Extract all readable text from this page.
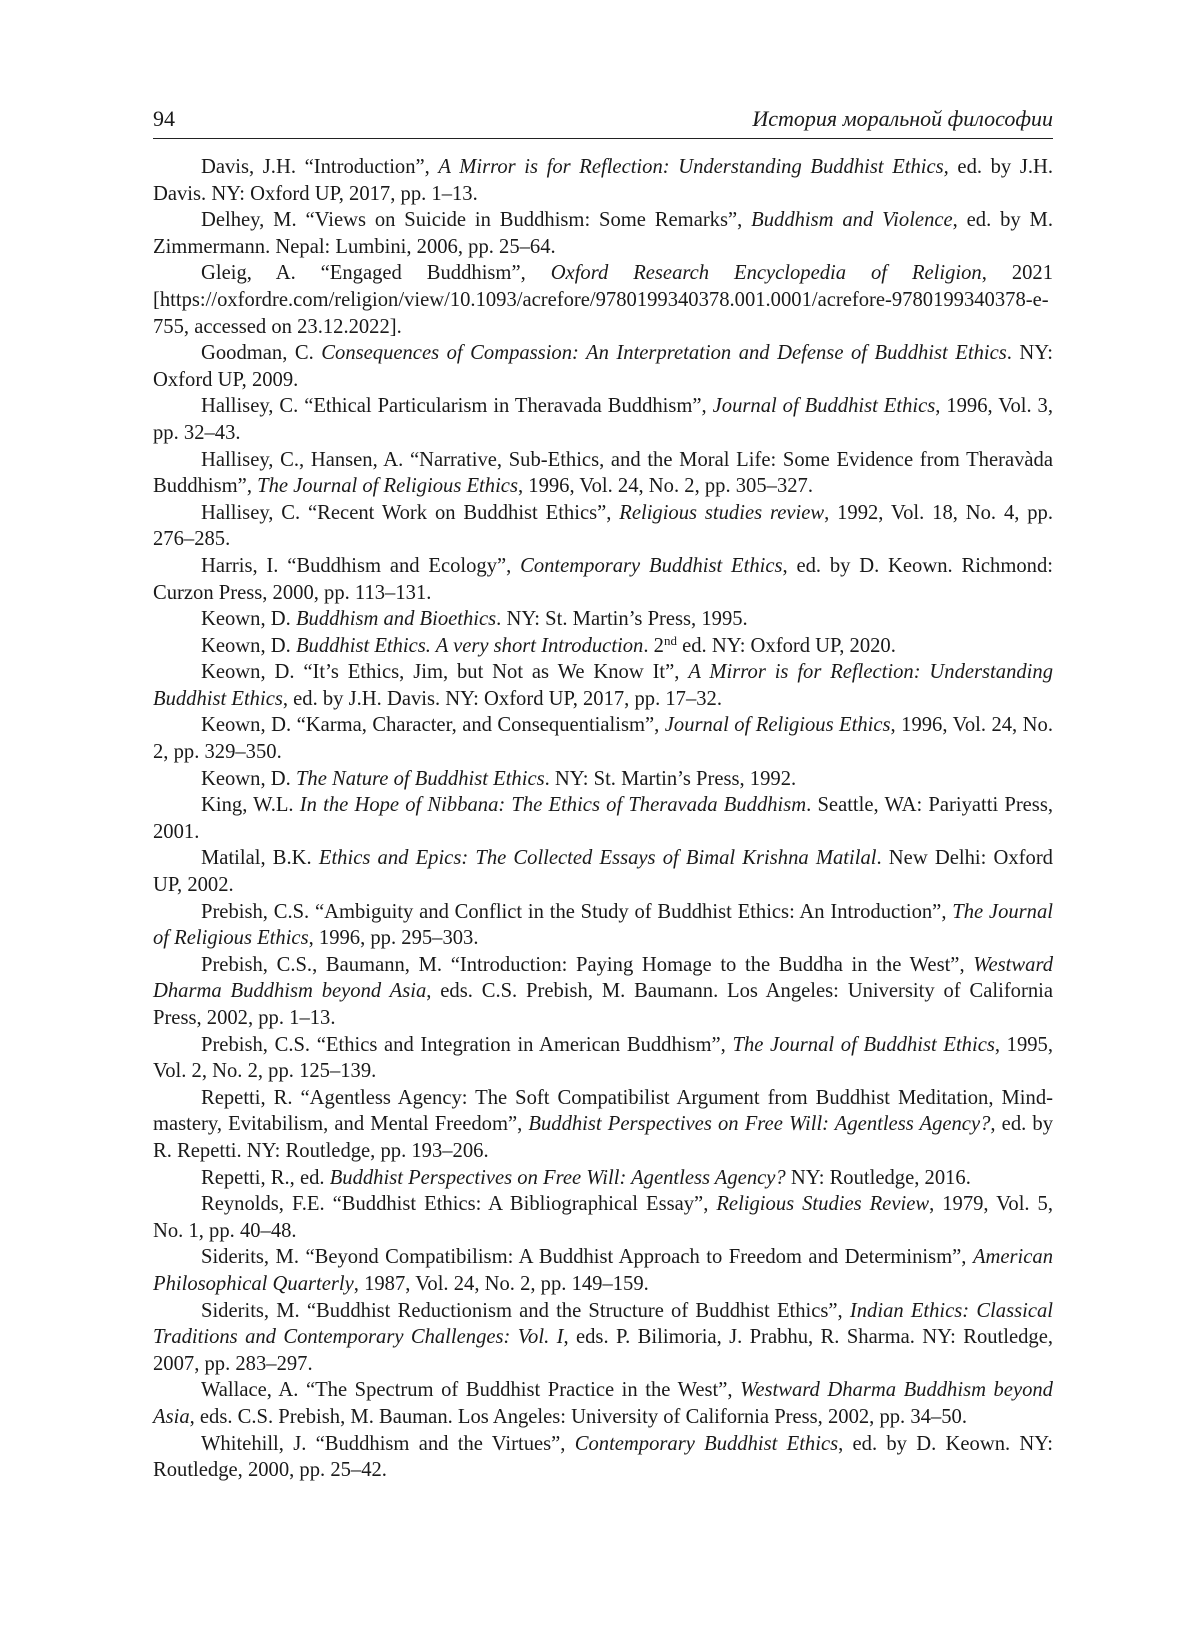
94	История моральной философии

Davis, J.H. “Introduction”, A Mirror is for Reflection: Understanding Buddhist Ethics, ed. by J.H. Davis. NY: Oxford UP, 2017, pp. 1–13.

Delhey, M. “Views on Suicide in Buddhism: Some Remarks”, Buddhism and Violence, ed. by M. Zimmermann. Nepal: Lumbini, 2006, pp. 25–64.

Gleig, A. “Engaged Buddhism”, Oxford Research Encyclopedia of Religion, 2021 [https://oxfordre.com/religion/view/10.1093/acrefore/9780199340378.001.0001/acrefore-9780199340378-e-755, accessed on 23.12.2022].

Goodman, C. Consequences of Compassion: An Interpretation and Defense of Buddhist Ethics. NY: Oxford UP, 2009.

Hallisey, C. “Ethical Particularism in Theravada Buddhism”, Journal of Buddhist Ethics, 1996, Vol. 3, pp. 32–43.

Hallisey, C., Hansen, A. “Narrative, Sub-Ethics, and the Moral Life: Some Evidence from Theravàda Buddhism”, The Journal of Religious Ethics, 1996, Vol. 24, No. 2, pp. 305–327.

Hallisey, C. “Recent Work on Buddhist Ethics”, Religious studies review, 1992, Vol. 18, No. 4, pp. 276–285.

Harris, I. “Buddhism and Ecology”, Contemporary Buddhist Ethics, ed. by D. Keown. Richmond: Curzon Press, 2000, pp. 113–131.

Keown, D. Buddhism and Bioethics. NY: St. Martin’s Press, 1995.

Keown, D. Buddhist Ethics. A very short Introduction. 2nd ed. NY: Oxford UP, 2020.

Keown, D. “It’s Ethics, Jim, but Not as We Know It”, A Mirror is for Reflection: Understanding Buddhist Ethics, ed. by J.H. Davis. NY: Oxford UP, 2017, pp. 17–32.

Keown, D. “Karma, Character, and Consequentialism”, Journal of Religious Ethics, 1996, Vol. 24, No. 2, pp. 329–350.

Keown, D. The Nature of Buddhist Ethics. NY: St. Martin’s Press, 1992.

King, W.L. In the Hope of Nibbana: The Ethics of Theravada Buddhism. Seattle, WA: Pariyatti Press, 2001.

Matilal, B.K. Ethics and Epics: The Collected Essays of Bimal Krishna Matilal. New Delhi: Oxford UP, 2002.

Prebish, C.S. “Ambiguity and Conflict in the Study of Buddhist Ethics: An Introduction”, The Journal of Religious Ethics, 1996, pp. 295–303.

Prebish, C.S., Baumann, M. “Introduction: Paying Homage to the Buddha in the West”, Westward Dharma Buddhism beyond Asia, eds. C.S. Prebish, M. Baumann. Los Angeles: University of California Press, 2002, pp. 1–13.

Prebish, C.S. “Ethics and Integration in American Buddhism”, The Journal of Buddhist Ethics, 1995, Vol. 2, No. 2, pp. 125–139.

Repetti, R. “Agentless Agency: The Soft Compatibilist Argument from Buddhist Meditation, Mind-mastery, Evitabilism, and Mental Freedom”, Buddhist Perspectives on Free Will: Agentless Agency?, ed. by R. Repetti. NY: Routledge, pp. 193–206.

Repetti, R., ed. Buddhist Perspectives on Free Will: Agentless Agency? NY: Routledge, 2016.

Reynolds, F.E. “Buddhist Ethics: A Bibliographical Essay”, Religious Studies Review, 1979, Vol. 5, No. 1, pp. 40–48.

Siderits, M. “Beyond Compatibilism: A Buddhist Approach to Freedom and Determinism”, American Philosophical Quarterly, 1987, Vol. 24, No. 2, pp. 149–159.

Siderits, M. “Buddhist Reductionism and the Structure of Buddhist Ethics”, Indian Ethics: Classical Traditions and Contemporary Challenges: Vol. I, eds. P. Bilimoria, J. Prabhu, R. Sharma. NY: Routledge, 2007, pp. 283–297.

Wallace, A. “The Spectrum of Buddhist Practice in the West”, Westward Dharma Buddhism beyond Asia, eds. C.S. Prebish, M. Bauman. Los Angeles: University of California Press, 2002, pp. 34–50.

Whitehill, J. “Buddhism and the Virtues”, Contemporary Buddhist Ethics, ed. by D. Keown. NY: Routledge, 2000, pp. 25–42.
